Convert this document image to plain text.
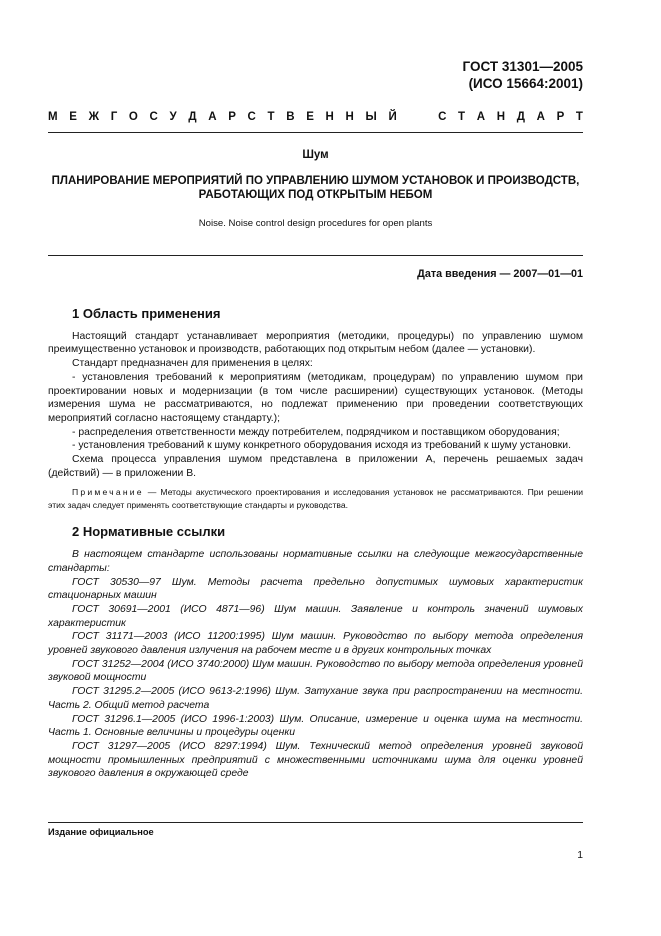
ГОСТ 31301—2005
(ИСО 15664:2001)
М Е Ж Г О С У Д А Р С Т В Е Н Н Ы Й	С Т А Н Д А Р Т
Шум
ПЛАНИРОВАНИЕ МЕРОПРИЯТИЙ ПО УПРАВЛЕНИЮ ШУМОМ УСТАНОВОК И ПРОИЗВОДСТВ, РАБОТАЮЩИХ ПОД ОТКРЫТЫМ НЕБОМ
Noise. Noise control design procedures for open plants
Дата введения — 2007—01—01
1 Область применения

Настоящий стандарт устанавливает мероприятия (методики, процедуры) по управлению шумом преимущественно установок и производств, работающих под открытым небом (далее — установки).

Стандарт предназначен для применения в целях:

- установления требований к мероприятиям (методикам, процедурам) по управлению шумом при проектировании новых и модернизации (в том числе расширении) существующих установок. (Методы измерения шума не рассматриваются, но подлежат применению при проведении соответствующих мероприятий согласно настоящему стандарту.);

- распределения ответственности между потребителем, подрядчиком и поставщиком оборудования;

- установления требований к шуму конкретного оборудования исходя из требований к шуму установки.

Схема процесса управления шумом представлена в приложении А, перечень решаемых задач (действий) — в приложении В.

Примечание — Методы акустического проектирования и исследования установок не рассматриваются. При решении этих задач следует применять соответствующие стандарты и руководства.

2 Нормативные ссылки

В настоящем стандарте использованы нормативные ссылки на следующие межгосударственные стандарты:

ГОСТ 30530—97 Шум. Методы расчета предельно допустимых шумовых характеристик стационарных машин

ГОСТ 30691—2001 (ИСО 4871—96) Шум машин. Заявление и контроль значений шумовых характеристик

ГОСТ 31171—2003 (ИСО 11200:1995) Шум машин. Руководство по выбору метода определения уровней звукового давления излучения на рабочем месте и в других контрольных точках

ГОСТ 31252—2004 (ИСО 3740:2000) Шум машин. Руководство по выбору метода определения уровней звуковой мощности

ГОСТ 31295.2—2005 (ИСО 9613-2:1996) Шум. Затухание звука при распространении на местности. Часть 2. Общий метод расчета

ГОСТ 31296.1—2005 (ИСО 1996-1:2003) Шум. Описание, измерение и оценка шума на местности. Часть 1. Основные величины и процедуры оценки

ГОСТ 31297—2005 (ИСО 8297:1994) Шум. Технический метод определения уровней звуковой мощности промышленных предприятий с множественными источниками шума для оценки уровней звукового давления в окружающей среде

Издание официальное
1
